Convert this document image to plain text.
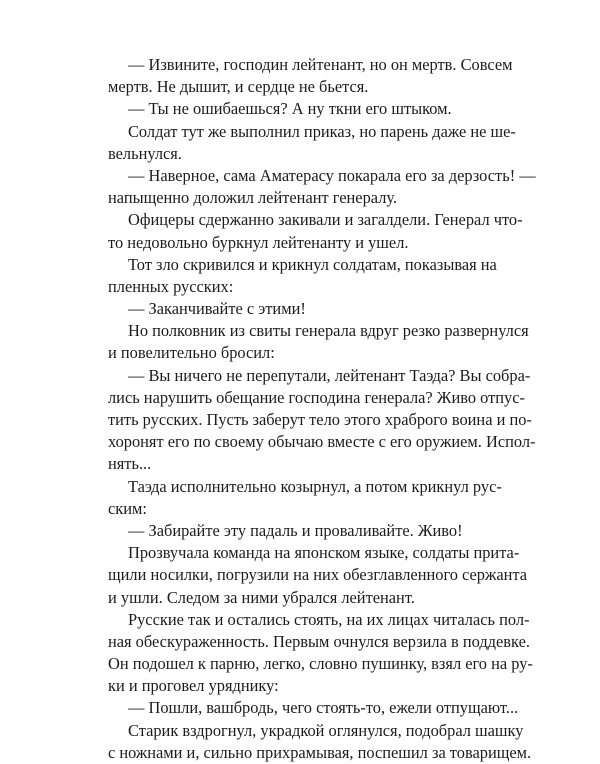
— Извините, господин лейтенант, но он мертв. Совсем
мертв. Не дышит, и сердце не бьется.
— Ты не ошибаешься? А ну ткни его штыком.
Солдат тут же выполнил приказ, но парень даже не ше-
вельнулся.
— Наверное, сама Аматерасу покарала его за дерзость! —
напыщенно доложил лейтенант генералу.
Офицеры сдержанно закивали и загалдели. Генерал что-
то недовольно буркнул лейтенанту и ушел.
Тот зло скривился и крикнул солдатам, показывая на
пленных русских:
— Заканчивайте с этими!
Но полковник из свиты генерала вдруг резко развернулся
и повелительно бросил:
— Вы ничего не перепутали, лейтенант Таэда? Вы собра-
лись нарушить обещание господина генерала? Живо отпус-
тить русских. Пусть заберут тело этого храброго воина и по-
хоронят его по своему обычаю вместе с его оружием. Испол-
нять...
Таэда исполнительно козырнул, а потом крикнул рус-
ским:
— Забирайте эту падаль и проваливайте. Живо!
Прозвучала команда на японском языке, солдаты прита-
щили носилки, погрузили на них обезглавленного сержанта
и ушли. Следом за ними убрался лейтенант.
Русские так и остались стоять, на их лицах читалась пол-
ная обескураженность. Первым очнулся верзила в поддевке.
Он подошел к парню, легко, словно пушинку, взял его на ру-
ки и проговел уряднику:
— Пошли, вашбродь, чего стоять-то, ежели отпущают...
Старик вздрогнул, украдкой оглянулся, подобрал шашку
с ножнами и, сильно прихрамывая, поспешил за товарищем.
